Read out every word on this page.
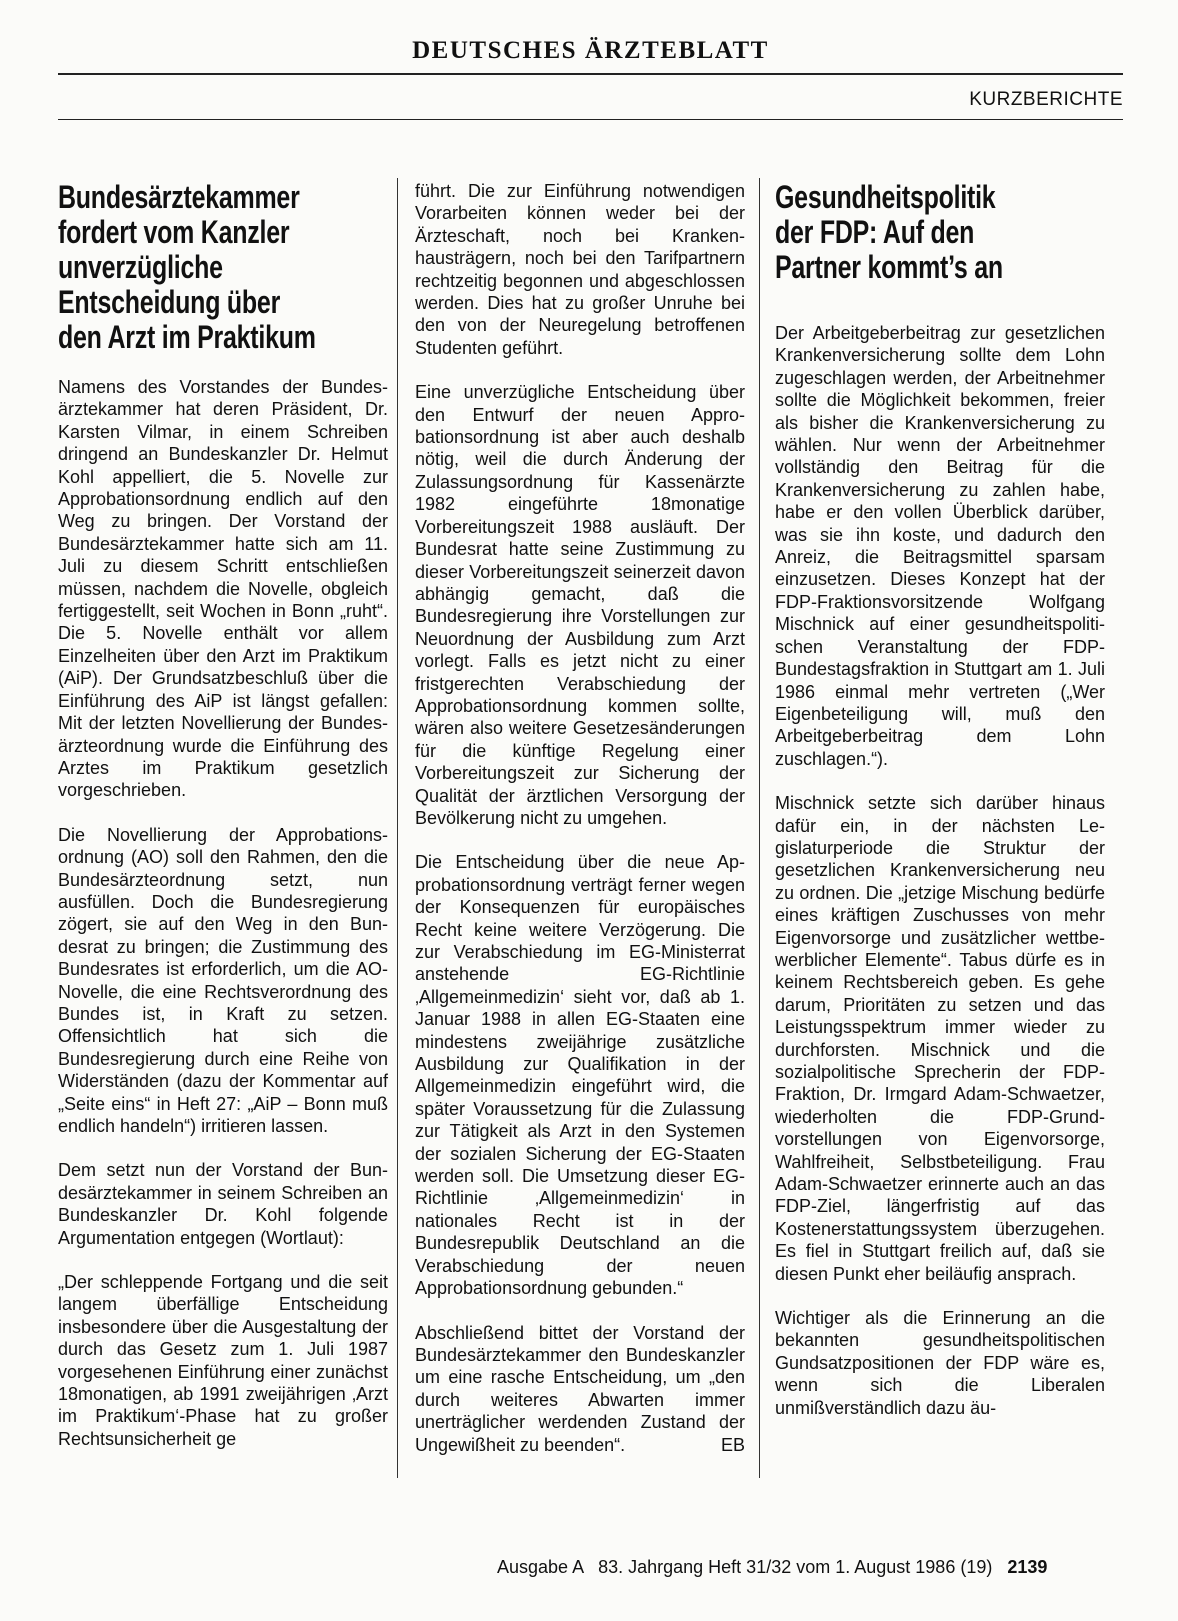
DEUTSCHES ÄRZTEBLATT
KURZBERICHTE
Bundesärztekammer
fordert vom Kanzler
unverzügliche
Entscheidung über
den Arzt im Praktikum

Namens des Vorstandes der Bundesärztekammer hat deren Präsident, Dr. Karsten Vilmar, in einem Schreiben dringend an Bundeskanzler Dr. Helmut Kohl appelliert, die 5. Novelle zur Approbationsordnung endlich auf den Weg zu bringen. Der Vorstand der Bundesärztekammer hatte sich am 11. Juli zu diesem Schritt entschließen müssen, nachdem die Novelle, obgleich fertiggestellt, seit Wochen in Bonn „ruht“. Die 5. Novelle enthält vor allem Einzelheiten über den Arzt im Praktikum (AiP). Der Grundsatzbeschluß über die Einführung des AiP ist längst gefallen: Mit der letzten Novellierung der Bundesärzteordnung wurde die Einführung des Arztes im Praktikum gesetzlich vorgeschrieben.

Die Novellierung der Approbationsordnung (AO) soll den Rahmen, den die Bundesärzteordnung setzt, nun ausfüllen. Doch die Bundesregierung zögert, sie auf den Weg in den Bundesrat zu bringen; die Zustimmung des Bundesrates ist erforderlich, um die AO-Novelle, die eine Rechtsverordnung des Bundes ist, in Kraft zu setzen. Offensichtlich hat sich die Bundesregierung durch eine Reihe von Widerständen (dazu der Kommentar auf „Seite eins“ in Heft 27: „AiP – Bonn muß endlich handeln“) irritieren lassen.

Dem setzt nun der Vorstand der Bundesärztekammer in seinem Schreiben an Bundeskanzler Dr. Kohl folgende Argumentation entgegen (Wortlaut):

„Der schleppende Fortgang und die seit langem überfällige Entscheidung insbesondere über die Ausgestaltung der durch das Gesetz zum 1. Juli 1987 vorgesehenen Einführung einer zunächst 18monatigen, ab 1991 zweijährigen ‚Arzt im Praktikum‘-Phase hat zu großer Rechtsunsicherheit ge

führt. Die zur Einführung notwendigen Vorarbeiten können weder bei der Ärzteschaft, noch bei Krankenhausträgern, noch bei den Tarifpartnern rechtzeitig begonnen und abgeschlossen werden. Dies hat zu großer Unruhe bei den von der Neuregelung betroffenen Studenten geführt.

Eine unverzügliche Entscheidung über den Entwurf der neuen Approbationsordnung ist aber auch deshalb nötig, weil die durch Änderung der Zulassungsordnung für Kassenärzte 1982 eingeführte 18monatige Vorbereitungszeit 1988 ausläuft. Der Bundesrat hatte seine Zustimmung zu dieser Vorbereitungszeit seinerzeit davon abhängig gemacht, daß die Bundesregierung ihre Vorstellungen zur Neuordnung der Ausbildung zum Arzt vorlegt. Falls es jetzt nicht zu einer fristgerechten Verabschiedung der Approbationsordnung kommen sollte, wären also weitere Gesetzesänderungen für die künftige Regelung einer Vorbereitungszeit zur Sicherung der Qualität der ärztlichen Versorgung der Bevölkerung nicht zu umgehen.

Die Entscheidung über die neue Approbationsordnung verträgt ferner wegen der Konsequenzen für europäisches Recht keine weitere Verzögerung. Die zur Verabschiedung im EG-Ministerrat anstehende EG-Richtlinie ‚Allgemeinmedizin‘ sieht vor, daß ab 1. Januar 1988 in allen EG-Staaten eine mindestens zweijährige zusätzliche Ausbildung zur Qualifikation in der Allgemeinmedizin eingeführt wird, die später Voraussetzung für die Zulassung zur Tätigkeit als Arzt in den Systemen der sozialen Sicherung der EG-Staaten werden soll. Die Umsetzung dieser EG-Richtlinie ‚Allgemeinmedizin‘ in nationales Recht ist in der Bundesrepublik Deutschland an die Verabschiedung der neuen Approbationsordnung gebunden.“

Abschließend bittet der Vorstand der Bundesärztekammer den Bundeskanzler um eine rasche Entscheidung, um „den durch weiteres Abwarten immer unerträglicher werdenden Zustand der Ungewißheit zu beenden“.	EB
Gesundheitspolitik
der FDP: Auf den
Partner kommt’s an

Der Arbeitgeberbeitrag zur gesetzlichen Krankenversicherung sollte dem Lohn zugeschlagen werden, der Arbeitnehmer sollte die Möglichkeit bekommen, freier als bisher die Krankenversicherung zu wählen. Nur wenn der Arbeitnehmer vollständig den Beitrag für die Krankenversicherung zu zahlen habe, habe er den vollen Überblick darüber, was sie ihn koste, und dadurch den Anreiz, die Beitragsmittel sparsam einzusetzen. Dieses Konzept hat der FDP-Fraktionsvorsitzende Wolfgang Mischnick auf einer gesundheitspolitischen Veranstaltung der FDP-Bundestagsfraktion in Stuttgart am 1. Juli 1986 einmal mehr vertreten („Wer Eigenbeteiligung will, muß den Arbeitgeberbeitrag dem Lohn zuschlagen.“).

Mischnick setzte sich darüber hinaus dafür ein, in der nächsten Legislaturperiode die Struktur der gesetzlichen Krankenversicherung neu zu ordnen. Die „jetzige Mischung bedürfe eines kräftigen Zuschusses von mehr Eigenvorsorge und zusätzlicher wettbewerblicher Elemente“. Tabus dürfe es in keinem Rechtsbereich geben. Es gehe darum, Prioritäten zu setzen und das Leistungsspektrum immer wieder zu durchforsten. Mischnick und die sozialpolitische Sprecherin der FDP-Fraktion, Dr. Irmgard Adam-Schwaetzer, wiederholten die FDP-Grundvorstellungen von Eigenvorsorge, Wahlfreiheit, Selbstbeteiligung. Frau Adam-Schwaetzer erinnerte auch an das FDP-Ziel, längerfristig auf das Kostenerstattungssystem überzugehen. Es fiel in Stuttgart freilich auf, daß sie diesen Punkt eher beiläufig ansprach.

Wichtiger als die Erinnerung an die bekannten gesundheitspolitischen Gundsatzpositionen der FDP wäre es, wenn sich die Liberalen unmißverständlich dazu äu-

Ausgabe A   83. Jahrgang Heft 31/32 vom 1. August 1986 (19) 2139
